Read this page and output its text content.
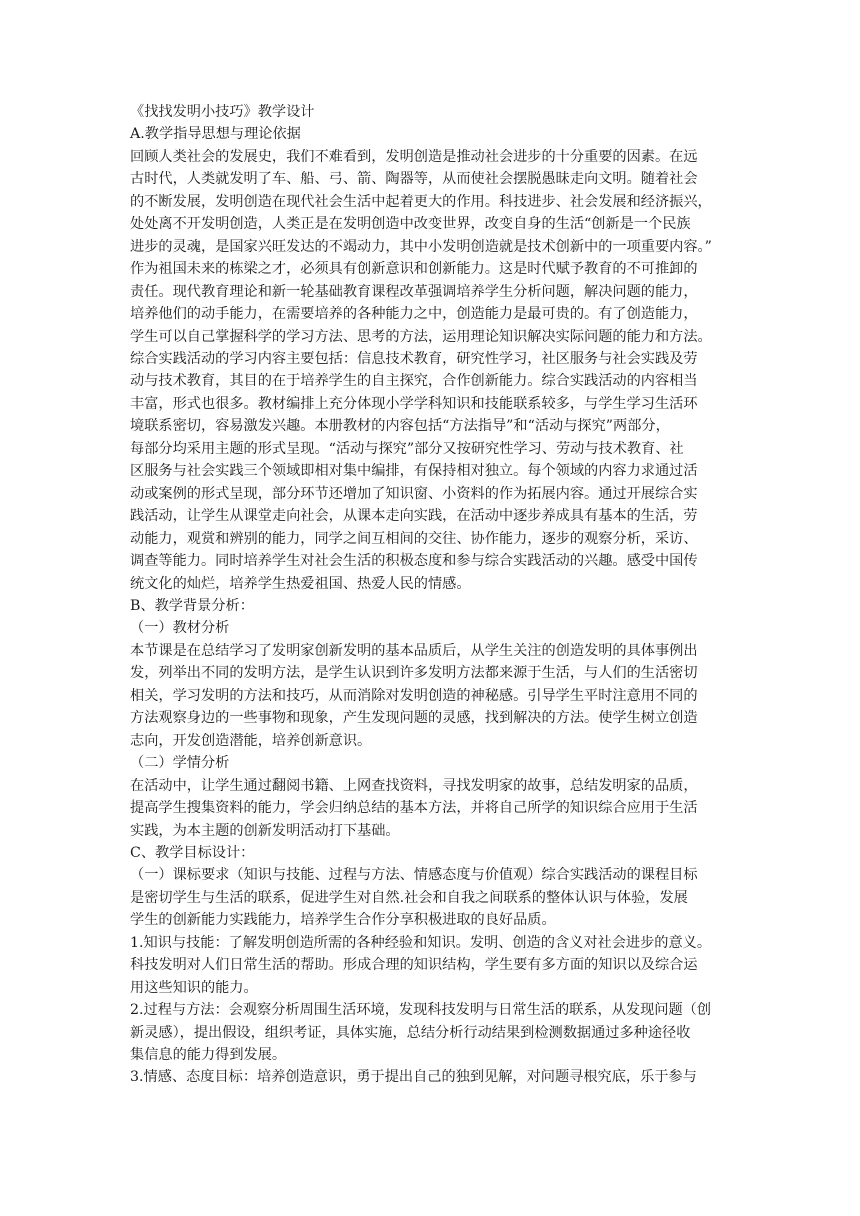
《找找发明小技巧》教学设计
A.教学指导思想与理论依据
回顾人类社会的发展史，我们不难看到，发明创造是推动社会进步的十分重要的因素。在远
古时代，人类就发明了车、船、弓、箭、陶器等，从而使社会摆脱愚昧走向文明。随着社会
的不断发展，发明创造在现代社会生活中起着更大的作用。科技进步、社会发展和经济振兴，
处处离不开发明创造，人类正是在发明创造中改变世界，改变自身的生活“创新是一个民族
进步的灵魂，是国家兴旺发达的不竭动力，其中小发明创造就是技术创新中的一项重要内容。”
作为祖国未来的栋梁之才，必须具有创新意识和创新能力。这是时代赋予教育的不可推卸的
责任。现代教育理论和新一轮基础教育课程改革强调培养学生分析问题，解决问题的能力，
培养他们的动手能力，在需要培养的各种能力之中，创造能力是最可贵的。有了创造能力，
学生可以自己掌握科学的学习方法、思考的方法，运用理论知识解决实际问题的能力和方法。
综合实践活动的学习内容主要包括：信息技术教育，研究性学习，社区服务与社会实践及劳
动与技术教育，其目的在于培养学生的自主探究，合作创新能力。综合实践活动的内容相当
丰富，形式也很多。教材编排上充分体现小学学科知识和技能联系较多，与学生学习生活环
境联系密切，容易激发兴趣。本册教材的内容包括“方法指导”和“活动与探究”两部分，
每部分均采用主题的形式呈现。“活动与探究”部分又按研究性学习、劳动与技术教育、社
区服务与社会实践三个领域即相对集中编排，有保持相对独立。每个领域的内容力求通过活
动或案例的形式呈现，部分环节还增加了知识窗、小资料的作为拓展内容。通过开展综合实
践活动，让学生从课堂走向社会，从课本走向实践，在活动中逐步养成具有基本的生活，劳
动能力，观赏和辨别的能力，同学之间互相间的交往、协作能力，逐步的观察分析，采访、
调查等能力。同时培养学生对社会生活的积极态度和参与综合实践活动的兴趣。感受中国传
统文化的灿烂，培养学生热爱祖国、热爱人民的情感。
B、教学背景分析：
（一）教材分析
本节课是在总结学习了发明家创新发明的基本品质后，从学生关注的创造发明的具体事例出
发，列举出不同的发明方法，是学生认识到许多发明方法都来源于生活，与人们的生活密切
相关，学习发明的方法和技巧，从而消除对发明创造的神秘感。引导学生平时注意用不同的
方法观察身边的一些事物和现象，产生发现问题的灵感，找到解决的方法。使学生树立创造
志向，开发创造潜能，培养创新意识。
（二）学情分析
在活动中，让学生通过翻阅书籍、上网查找资料，寻找发明家的故事，总结发明家的品质，
提高学生搜集资料的能力，学会归纳总结的基本方法，并将自己所学的知识综合应用于生活
实践，为本主题的创新发明活动打下基础。
C、教学目标设计：
（一）课标要求（知识与技能、过程与方法、情感态度与价值观）综合实践活动的课程目标
是密切学生与生活的联系，促进学生对自然.社会和自我之间联系的整体认识与体验，发展
学生的创新能力实践能力，培养学生合作分享积极进取的良好品质。
1.知识与技能：了解发明创造所需的各种经验和知识。发明、创造的含义对社会进步的意义。
科技发明对人们日常生活的帮助。形成合理的知识结构，学生要有多方面的知识以及综合运
用这些知识的能力。
2.过程与方法：会观察分析周围生活环境，发现科技发明与日常生活的联系，从发现问题（创
新灵感），提出假设，组织考证，具体实施，总结分析行动结果到检测数据通过多种途径收
集信息的能力得到发展。
3.情感、态度目标：培养创造意识，勇于提出自己的独到见解，对问题寻根究底，乐于参与
